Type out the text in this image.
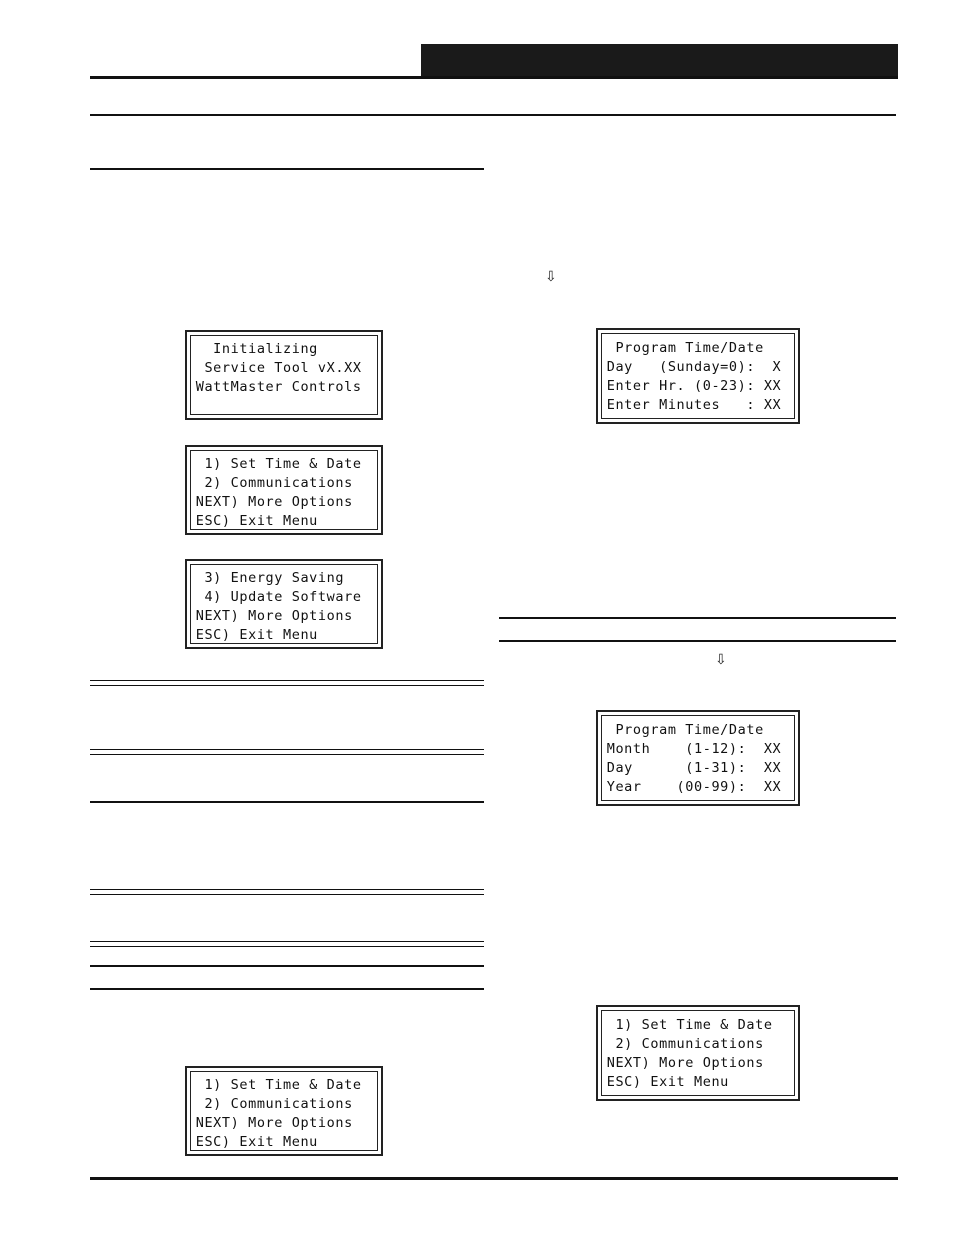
Initializing
Service Tool vX.XX
WattMaster Controls
1) Set Time & Date
2) Communications
NEXT) More Options
ESC) Exit Menu
3) Energy Saving
4) Update Software
NEXT) More Options
ESC) Exit Menu
1) Set Time & Date
2) Communications
NEXT) More Options
ESC) Exit Menu
⇩
Program Time/Date
Day   (Sunday=0):  X
Enter Hr. (0-23): XX
Enter Minutes   : XX
⇩
Program Time/Date
Month    (1-12):  XX
Day      (1-31):  XX
Year    (00-99):  XX
1) Set Time & Date
2) Communications
NEXT) More Options
ESC) Exit Menu
